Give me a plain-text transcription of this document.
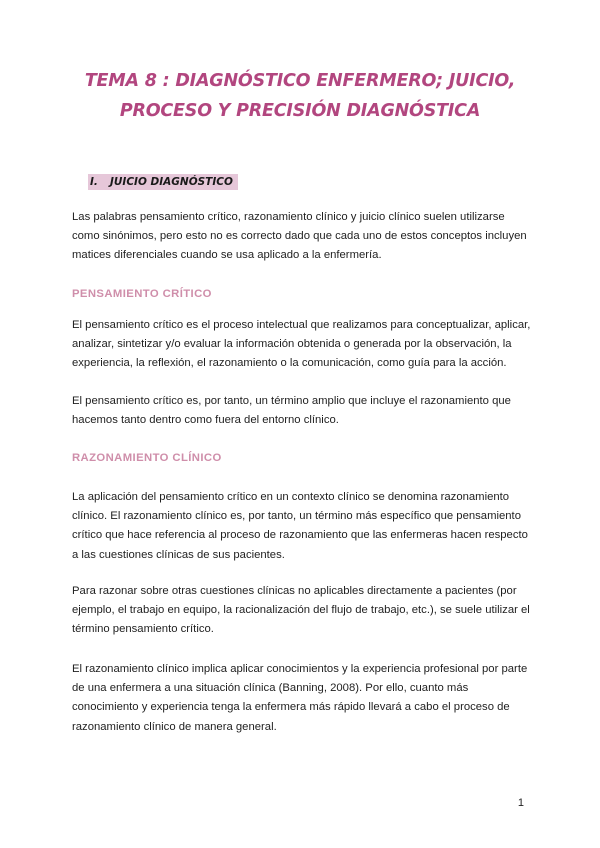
TEMA 8 : DIAGNÓSTICO ENFERMERO; JUICIO, PROCESO Y PRECISIÓN DIAGNÓSTICA
I.	JUICIO DIAGNÓSTICO

Las palabras pensamiento crítico, razonamiento clínico y juicio clínico suelen utilizarse como sinónimos, pero esto no es correcto dado que cada uno de estos conceptos incluyen matices diferenciales cuando se usa aplicado a la enfermería.

PENSAMIENTO CRÍTICO

El pensamiento crítico es el proceso intelectual que realizamos para conceptualizar, aplicar, analizar, sintetizar y/o evaluar la información obtenida o generada por la observación, la experiencia, la reflexión, el razonamiento o la comunicación, como guía para la acción.

El pensamiento crítico es, por tanto, un término amplio que incluye el razonamiento que hacemos tanto dentro como fuera del entorno clínico.

RAZONAMIENTO CLÍNICO

La aplicación del pensamiento crítico en un contexto clínico se denomina razonamiento clínico. El razonamiento clínico es, por tanto, un término más específico que pensamiento crítico que hace referencia al proceso de razonamiento que las enfermeras hacen respecto a las cuestiones clínicas de sus pacientes.

Para razonar sobre otras cuestiones clínicas no aplicables directamente a pacientes (por ejemplo, el trabajo en equipo, la racionalización del flujo de trabajo, etc.), se suele utilizar el término pensamiento crítico.

El razonamiento clínico implica aplicar conocimientos y la experiencia profesional por parte de una enfermera a una situación clínica (Banning, 2008). Por ello, cuanto más conocimiento y experiencia tenga la enfermera más rápido llevará a cabo el proceso de razonamiento clínico de manera general.

1
